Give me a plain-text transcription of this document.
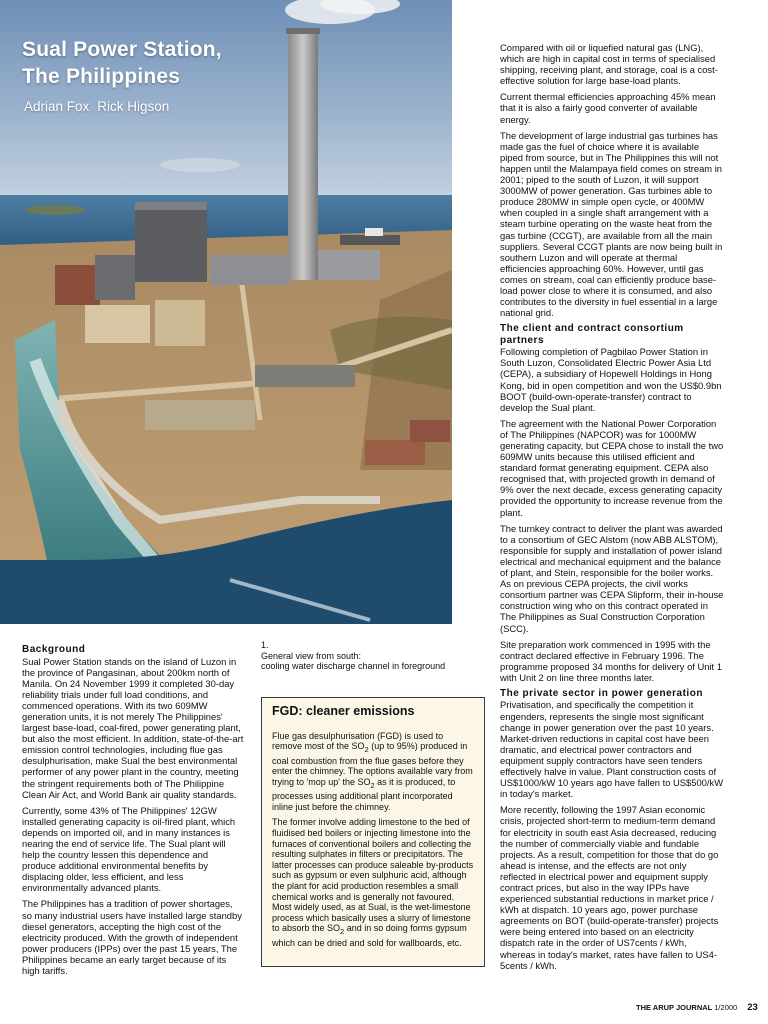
Sual Power Station,
The Philippines
Adrian Fox Rick Higson
1.
General view from south:
cooling water discharge channel in foreground
Background

Sual Power Station stands on the island of Luzon in the province of Pangasinan, about 200km north of Manila. On 24 November 1999 it completed 30-day reliability trials under full load conditions, and commenced operations. With its two 609MW generation units, it is not merely The Philippines' largest base-load, coal-fired, power generating plant, but also the most efficient. In addition, state-of-the-art emission control technologies, including flue gas desulphurisation, make Sual the best environmental performer of any power plant in the country, meeting the stringent requirements both of The Philippine Clean Air Act, and World Bank air quality standards.

Currently, some 43% of The Philippines' 12GW installed generating capacity is oil-fired plant, which depends on imported oil, and in many instances is nearing the end of service life. The Sual plant will help the country lessen this dependence and produce additional environmental benefits by displacing older, less efficient, and less environmentally advanced plants.

The Philippines has a tradition of power shortages, so many industrial users have installed large standby diesel generators, accepting the high cost of the electricity produced. With the growth of independent power producers (IPPs) over the past 15 years, The Philippines became an early target because of its high tariffs.

FGD: cleaner emissions

Flue gas desulphurisation (FGD) is used to remove most of the $SO_2$ (up to 95%) produced in coal combustion from the flue gases before they enter the chimney. The options available vary from trying to 'mop up' the $SO_2$ as it is produced, to processes using additional plant incorporated inline just before the chimney.

The former involve adding limestone to the bed of fluidised bed boilers or injecting limestone into the furnaces of conventional boilers and collecting the resulting sulphates in filters or precipitators. The latter processes can produce saleable by-products such as gypsum or even sulphuric acid, although the plant for acid production resembles a small chemical works and is generally not favoured. Most widely used, as at Sual, is the wet-limestone process which basically uses a slurry of limestone to absorb the $SO_2$ and in so doing forms gypsum which can be dried and sold for wallboards, etc.

Compared with oil or liquefied natural gas (LNG), which are high in capital cost in terms of specialised shipping, receiving plant, and storage, coal is a cost-effective solution for large base-load plants.

Current thermal efficiencies approaching 45% mean that it is also a fairly good converter of available energy.

The development of large industrial gas turbines has made gas the fuel of choice where it is available piped from source, but in The Philippines this will not happen until the Malampaya field comes on stream in 2001; piped to the south of Luzon, it will support 3000MW of power generation. Gas turbines able to produce 280MW in simple open cycle, or 400MW when coupled in a single shaft arrangement with a steam turbine operating on the waste heat from the gas turbine (CCGT), are available from all the main suppliers. Several CCGT plants are now being built in southern Luzon and will operate at thermal efficiencies approaching 60%. However, until gas comes on stream, coal can efficiently produce base-load power close to where it is consumed, and also contributes to the diversity in fuel essential in a large national grid.

The client and contract consortium partners

Following completion of Pagbilao Power Station in South Luzon, Consolidated Electric Power Asia Ltd (CEPA), a subsidiary of Hopewell Holdings in Hong Kong, bid in open competition and won the US$0.9bn BOOT (build-own-operate-transfer) contract to develop the Sual plant.

The agreement with the National Power Corporation of The Philippines (NAPCOR) was for 1000MW generating capacity, but CEPA chose to install the two 609MW units because this utilised efficient and standard format generating equipment. CEPA also recognised that, with projected growth in demand of 9% over the next decade, excess generating capacity provided the opportunity to increase revenue from the plant.

The turnkey contract to deliver the plant was awarded to a consortium of GEC Alstom (now ABB ALSTOM), responsible for supply and installation of power island electrical and mechanical equipment and the balance of plant, and Stein, responsible for the boiler works. As on previous CEPA projects, the civil works consortium partner was CEPA Slipform, their in-house construction wing who on this contract operated in The Philippines as Sual Construction Corporation (SCC).

Site preparation work commenced in 1995 with the contract declared effective in February 1996. The programme proposed 34 months for delivery of Unit 1 with Unit 2 on line three months later.

The private sector in power generation

Privatisation, and specifically the competition it engenders, represents the single most significant change in power generation over the past 10 years. Market-driven reductions in capital cost have been dramatic, and electrical power contractors and equipment supply contractors have seen tenders effectively halve in value. Plant construction costs of US$1000/kW 10 years ago have fallen to US$500/kW in today's market.

More recently, following the 1997 Asian economic crisis, projected short-term to medium-term demand for electricity in south east Asia decreased, reducing the number of commercially viable and fundable projects. As a result, competition for those that do go ahead is intense, and the effects are not only reflected in electrical power and equipment supply contract prices, but also in the way IPPs have experienced substantial reductions in market price / kWh at dispatch. 10 years ago, power purchase agreements on BOT (build-operate-transfer) projects were being entered into based on an electricity dispatch rate in the order of US7cents / kWh, whereas in today's market, rates have fallen to US4-5cents / kWh.

THE ARUP JOURNAL 1/2000 23
